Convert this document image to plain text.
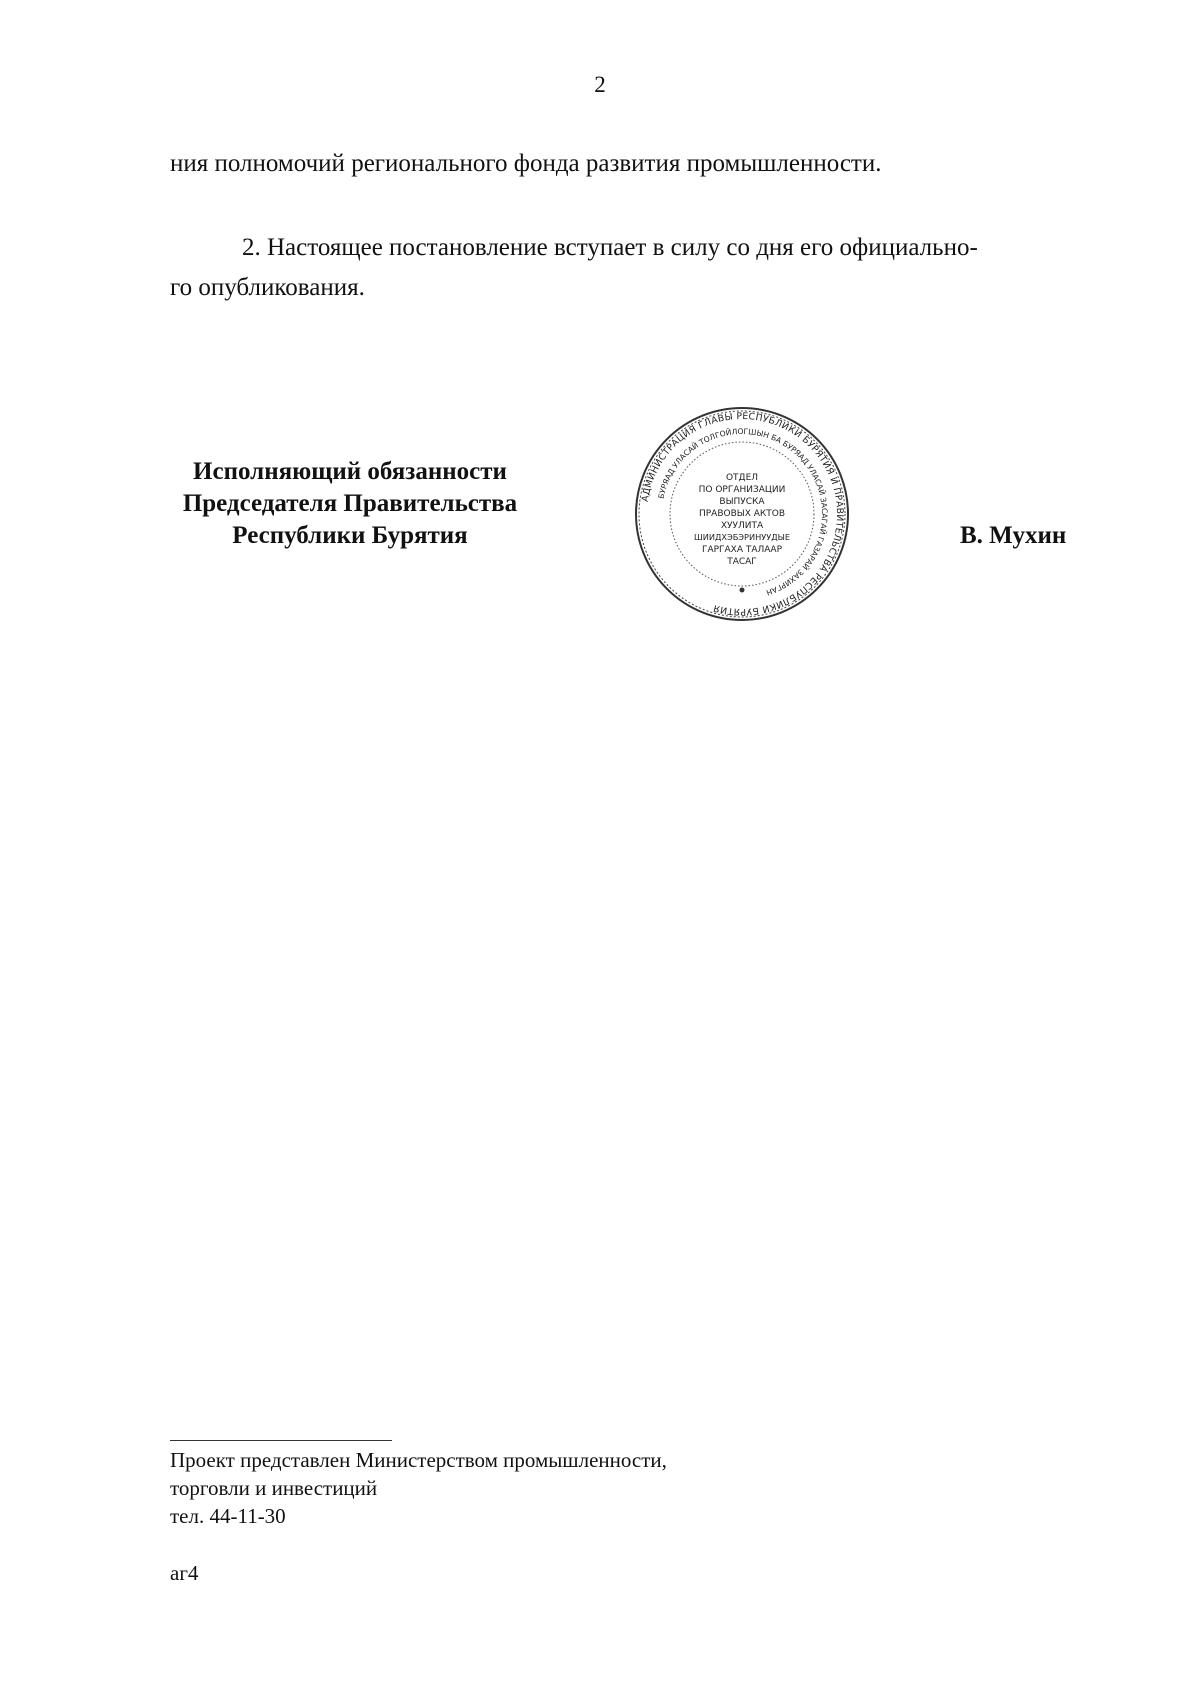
2
ния полномочий регионального фонда развития промышленности.
2. Настоящее постановление вступает в силу со дня его официально-
го опубликования.
Исполняющий обязанности
Председателя Правительства
Республики Бурятия
АДМИНИСТРАЦИЯ ГЛАВЫ РЕСПУБЛИКИ БУРЯТИЯ И ПРАВИТЕЛЬСТВА РЕСПУБЛИКИ БУРЯТИЯ
БУРЯАД УЛАСАЙ ТОЛГОЙЛОГШЫН БА БУРЯАД УЛАСАЙ ЗАСАГАЙ ГАЗАРАЙ ЗАХИРГАН
ОТДЕЛ
ПО ОРГАНИЗАЦИИ
ВЫПУСКА
ПРАВОВЫХ АКТОВ
ХУУЛИТА
ШИИДХЭБЭРИНУУДЫЕ
ГАРГАХА ТАЛААР
ТАСАГ
В. Мухин
Проект представлен Министерством промышленности,
торговли и инвестиций
тел. 44-11-30
аг4
